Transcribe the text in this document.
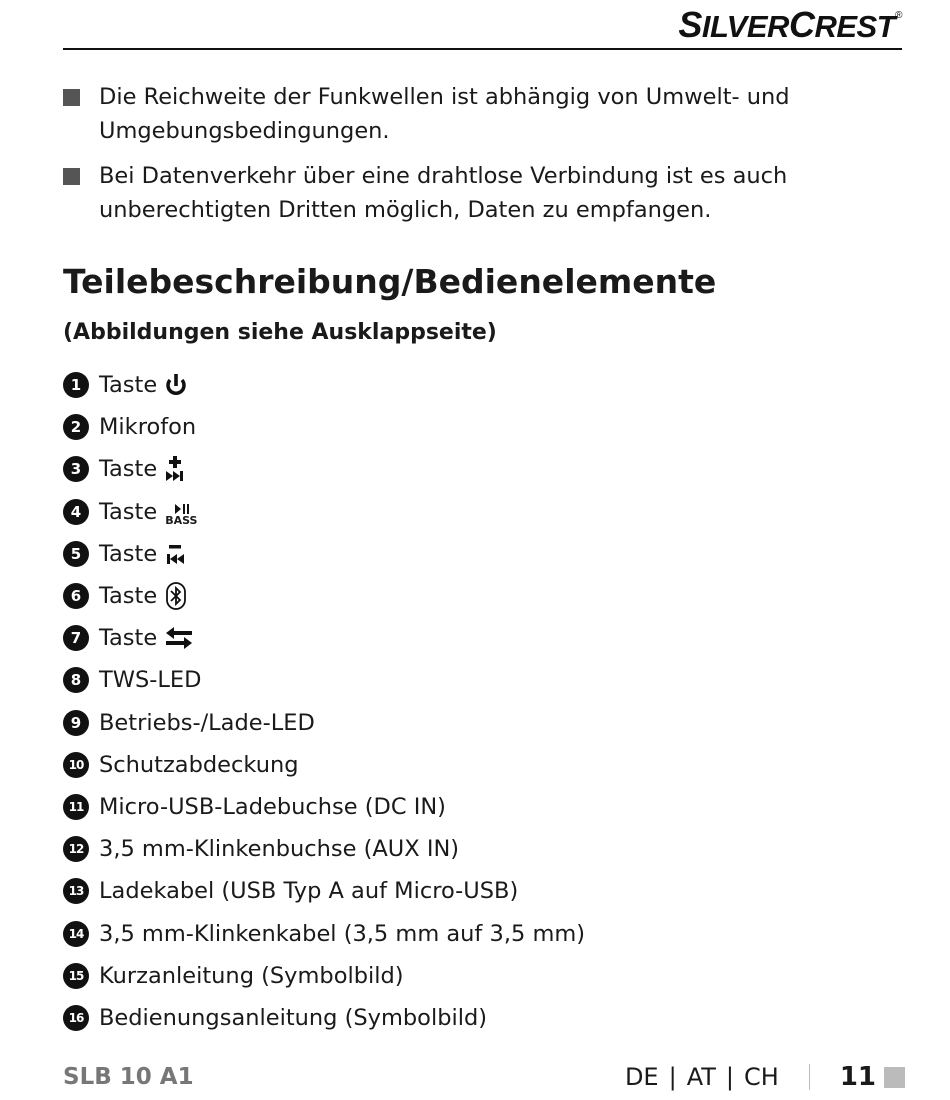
SILVERCREST®
Die Reichweite der Funkwellen ist abhängig von Umwelt- und Umgebungsbedingungen.
Bei Datenverkehr über eine drahtlose Verbindung ist es auch unberechtigten Dritten möglich, Daten zu empfangen.
Teilebeschreibung/Bedienelemente
(Abbildungen siehe Ausklappseite)
1 Taste
2 Mikrofon
3 Taste
4 Taste BASS
5 Taste
6 Taste
7 Taste
8 TWS-LED
9 Betriebs-/Lade-LED
10 Schutzabdeckung
11 Micro-USB-Ladebuchse (DC IN)
12 3,5 mm-Klinkenbuchse (AUX IN)
13 Ladekabel (USB Typ A auf Micro-USB)
14 3,5 mm-Klinkenkabel (3,5 mm auf 3,5 mm)
15 Kurzanleitung (Symbolbild)
16 Bedienungsanleitung (Symbolbild)
SLB 10 A1	DE | AT | CH 11
